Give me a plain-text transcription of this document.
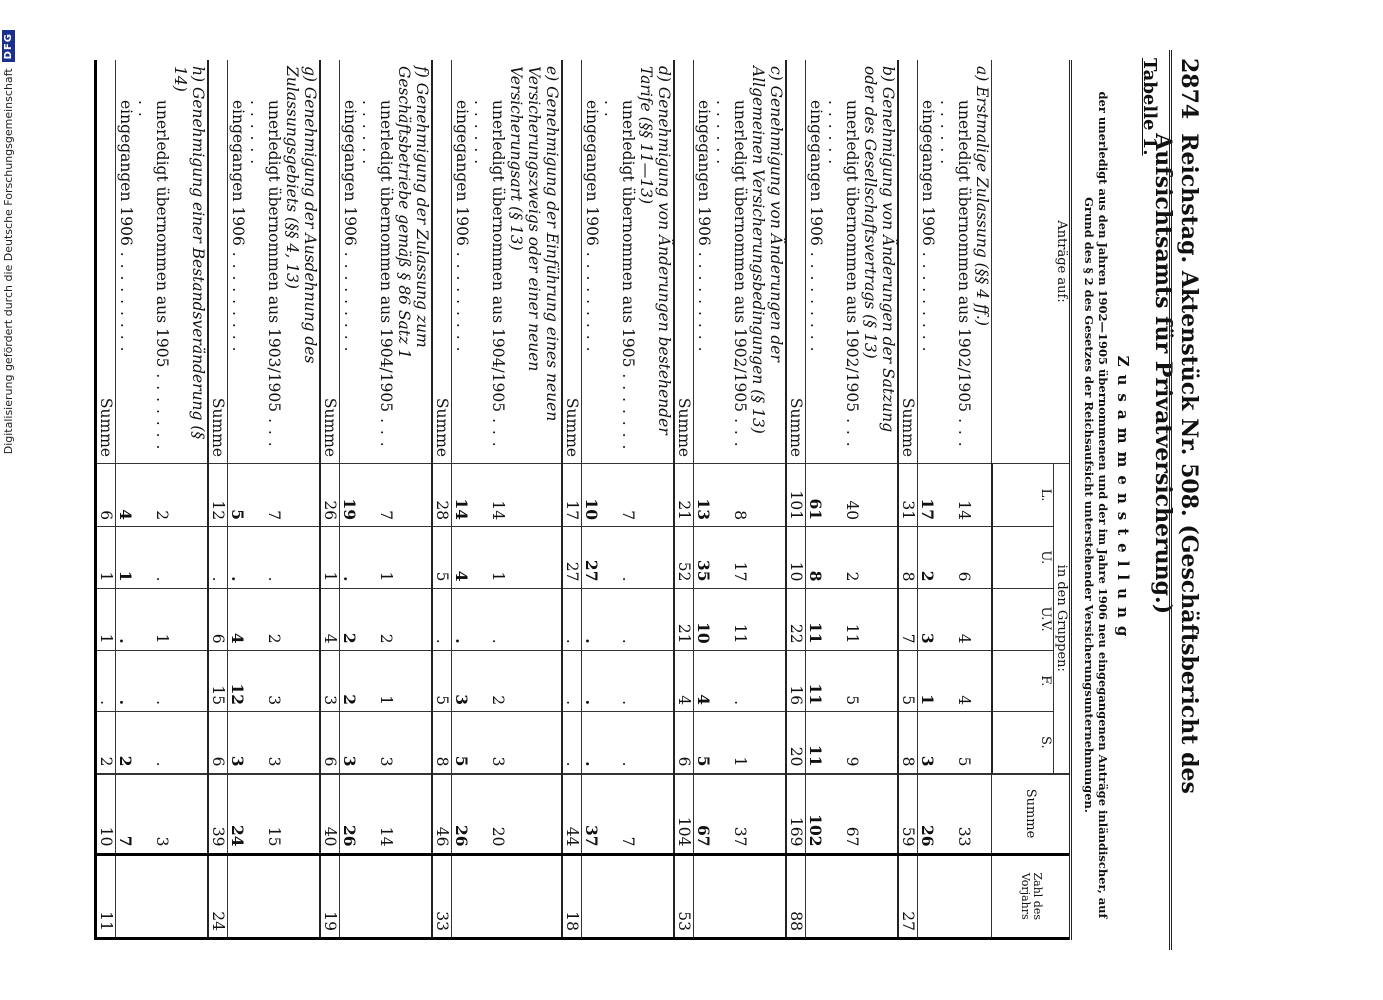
2874
Reichstag. Aktenstück Nr. 508. (Geschäftsbericht des Aufsichtsamts für Privatversicherung.)
Tabelle 1.
Zusammenstellung
der unerledigt aus den Jahren 1902—1905 übernommenen und der im Jahre 1906 neu eingegangenen Anträge inländischer, auf Grund des § 2 des Gesetzes der Reichsaufsicht unterstehender Versicherungsunternehmungen.
Anträge auf:	in den Gruppen:					Summe	Zahl des Vorjahrs
	L.	U.	U.V.	F.	S.		
a) Erstmalige Zulassung (§§ 4 ff.)							
unerledigt übernommen aus 1902/1905 . . .	14	6	4	4	5	33	
eingegangen 1906 . . .	17	2	3	1	3	26	
Summe	31	8	7	5	8	59	27
b) Genehmigung von Änderungen der Satzung oder des Gesellschaftsvertrags (§ 13)							
unerledigt übernommen aus 1902/1905 . . .	40	2	11	5	9	67	
eingegangen 1906 . . .	61	8	11	11	11	102	
Summe	101	10	22	16	20	169	88
c) Genehmigung von Änderungen der Allgemeinen Versicherungsbedingungen (§ 13)							
unerledigt übernommen aus 1902/1905 . . .	8	17	11	.	1	37	
eingegangen 1906 . . .	13	35	10	4	5	67	
Summe	21	52	21	4	6	104	53
d) Genehmigung von Änderungen bestehender Tarife (§§ 11—13)							
unerledigt übernommen aus 1905 . . .	7	.	.	.	.	7	
eingegangen 1906 . . .	10	27	.	.	.	37	
Summe	17	27	.	.	.	44	18
e) Genehmigung der Einführung eines neuen Versicherungszweigs oder einer neuen Versicherungsart (§ 13)							
unerledigt übernommen aus 1904/1905 . . .	14	1	.	2	3	20	
eingegangen 1906 . . .	14	4	.	3	5	26	
Summe	28	5	.	5	8	46	33
f) Genehmigung der Zulassung zum Geschäftsbetriebe gemäß § 86 Satz 1							
unerledigt übernommen aus 1904/1905 . . .	7	1	2	1	3	14	
eingegangen 1906 . . .	19	.	2	2	3	26	
Summe	26	1	4	3	6	40	19
g) Genehmigung der Ausdehnung des Zulassungsgebiets (§§ 4, 13)							
unerledigt übernommen aus 1903/1905 . . .	7	.	2	3	3	15	
eingegangen 1906 . . .	5	.	4	12	3	24	
Summe	12	.	6	15	6	39	24
h) Genehmigung einer Bestandsveränderung (§ 14)							
unerledigt übernommen aus 1905 . . .	2	.	1	.	.	3	
eingegangen 1906 . . .	4	1	.	.	2	7	
Summe	6	1	1	.	2	10	11
Digitalisierung gefördert durch die Deutsche Forschungsgemeinschaft
DFG
